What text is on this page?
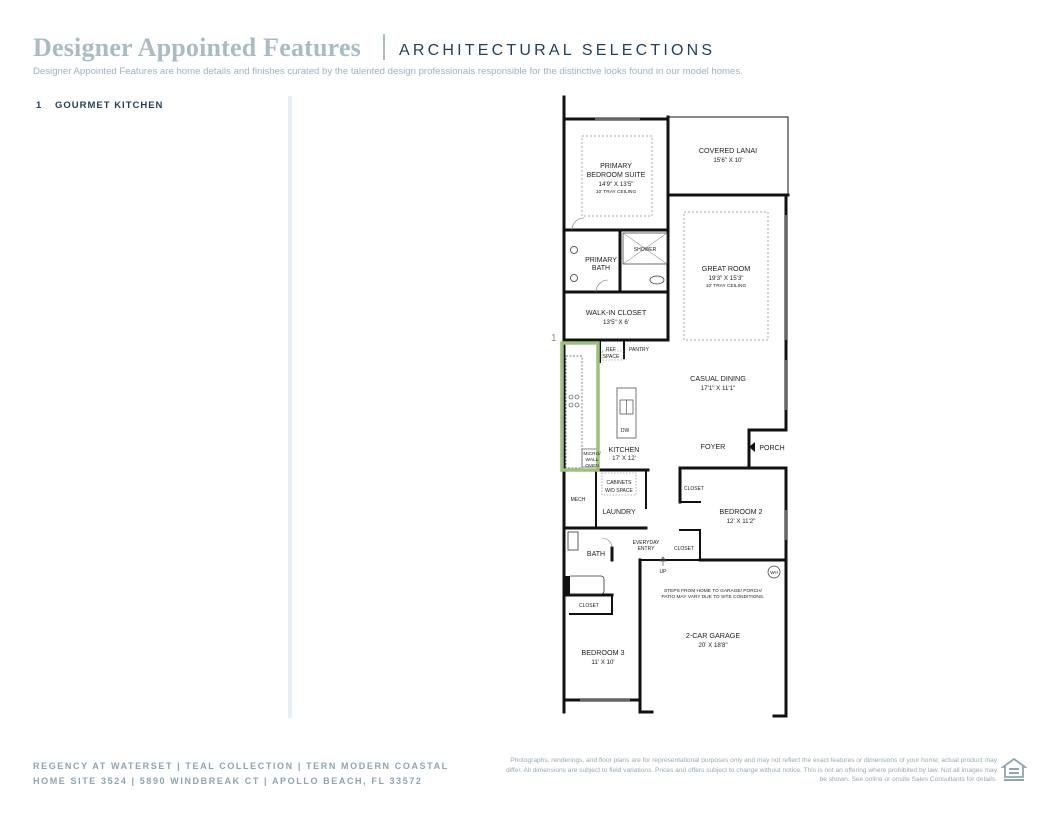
Designer Appointed Features ARCHITECTURAL SELECTIONS
Designer Appointed Features are home details and finishes curated by the talented design professionals responsible for the distinctive looks found in our model homes.
1 GOURMET KITCHEN
1
COVERED LANAI
15'6" X 10'
PRIMARY
BEDROOM SUITE
14'9" X 13'5"
10' TRAY CEILING
SHOWER
PRIMARY
BATH	GREAT ROOM
19'3" X 15'3"
10' TRAY CEILING
WALK-IN CLOSET
13'5" X 6'
REF
SPACE
PANTRY
CASUAL DINING
17'1" X 11'1"
DW
KITCHEN
17' X 12'
MICRO/
WALL
OVEN
FOYER	PORCH
CABINETS
W/D SPACE
MECH
LAUNDRY
CLOSET
BEDROOM 2
12' X 11'2"
EVERYDAY
ENTRY	CLOSET
BATH
UP	WH
STEPS FROM HOME TO GARAGE/ PORCH/
PATIO MAY VARY DUE TO SITE CONDITIONS.
CLOSET
2-CAR GARAGE
20' X 18'8"
BEDROOM 3
11' X 10'
REGENCY AT WATERSET | TEAL COLLECTION | TERN MODERN COASTAL
HOME SITE 3524 | 5890 WINDBREAK CT | APOLLO BEACH, FL 33572
Photographs, renderings, and floor plans are for representational purposes only and may not reflect the exact features or dimensions of your home; actual product may differ. All dimensions are subject to field variations. Prices and offers subject to change without notice. This is not an offering where prohibited by law. Not all images may be shown. See online or onsite Sales Consultants for details.
